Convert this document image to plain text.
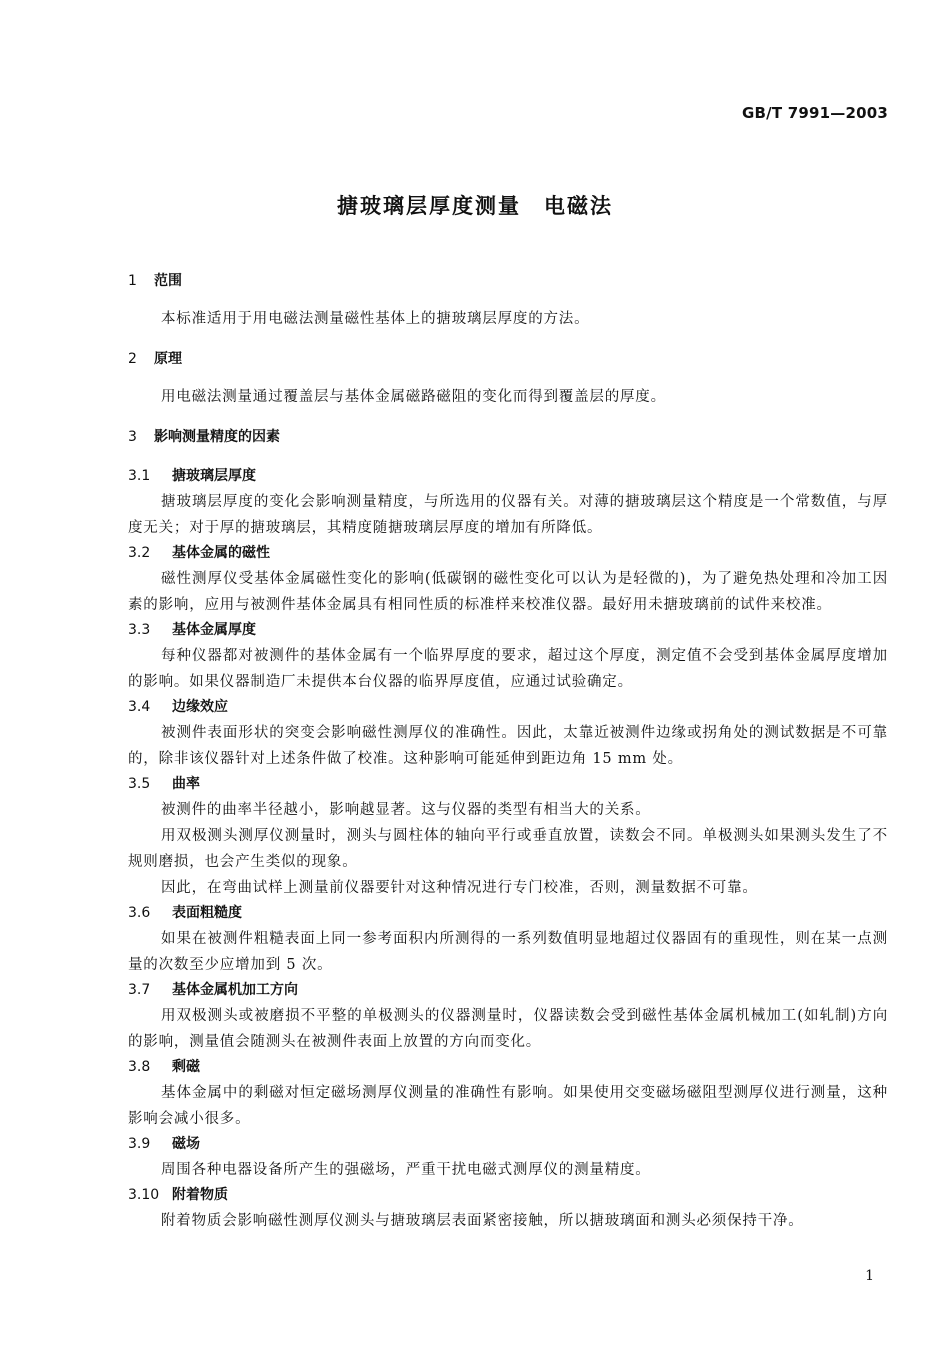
GB/T 7991—2003
搪玻璃层厚度测量　电磁法
1 范围

本标准适用于用电磁法测量磁性基体上的搪玻璃层厚度的方法。

2 原理

用电磁法测量通过覆盖层与基体金属磁路磁阻的变化而得到覆盖层的厚度。

3 影响测量精度的因素
3.1 搪玻璃层厚度

搪玻璃层厚度的变化会影响测量精度，与所选用的仪器有关。对薄的搪玻璃层这个精度是一个常数值，与厚度无关；对于厚的搪玻璃层，其精度随搪玻璃层厚度的增加有所降低。

3.2 基体金属的磁性

磁性测厚仪受基体金属磁性变化的影响(低碳钢的磁性变化可以认为是轻微的)，为了避免热处理和冷加工因素的影响，应用与被测件基体金属具有相同性质的标准样来校准仪器。最好用未搪玻璃前的试件来校准。

3.3 基体金属厚度

每种仪器都对被测件的基体金属有一个临界厚度的要求，超过这个厚度，测定值不会受到基体金属厚度增加的影响。如果仪器制造厂未提供本台仪器的临界厚度值，应通过试验确定。

3.4 边缘效应

被测件表面形状的突变会影响磁性测厚仪的准确性。因此，太靠近被测件边缘或拐角处的测试数据是不可靠的，除非该仪器针对上述条件做了校准。这种影响可能延伸到距边角 15 mm 处。

3.5 曲率

被测件的曲率半径越小，影响越显著。这与仪器的类型有相当大的关系。

用双极测头测厚仪测量时，测头与圆柱体的轴向平行或垂直放置，读数会不同。单极测头如果测头发生了不规则磨损，也会产生类似的现象。

因此，在弯曲试样上测量前仪器要针对这种情况进行专门校准，否则，测量数据不可靠。

3.6 表面粗糙度

如果在被测件粗糙表面上同一参考面积内所测得的一系列数值明显地超过仪器固有的重现性，则在某一点测量的次数至少应增加到 5 次。

3.7 基体金属机加工方向

用双极测头或被磨损不平整的单极测头的仪器测量时，仪器读数会受到磁性基体金属机械加工(如轧制)方向的影响，测量值会随测头在被测件表面上放置的方向而变化。

3.8 剩磁

基体金属中的剩磁对恒定磁场测厚仪测量的准确性有影响。如果使用交变磁场磁阻型测厚仪进行测量，这种影响会减小很多。

3.9 磁场

周围各种电器设备所产生的强磁场，严重干扰电磁式测厚仪的测量精度。

3.10 附着物质

附着物质会影响磁性测厚仪测头与搪玻璃层表面紧密接触，所以搪玻璃面和测头必须保持干净。

1
